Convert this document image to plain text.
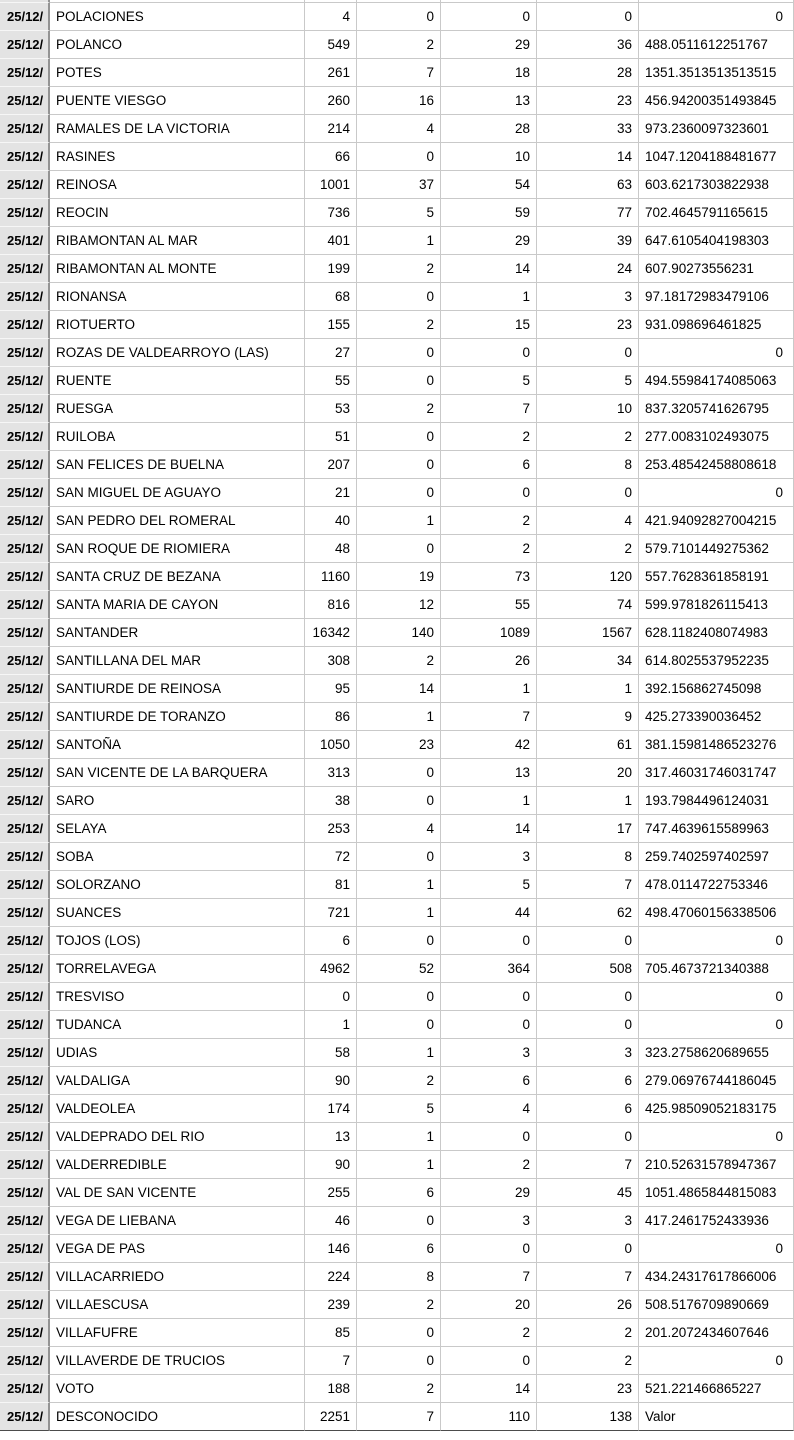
25/12/ POLACIONES	4	0	0	0	0
25/12/ POLANCO	549	2	29	36 488.0511612251767
25/12/ POTES	261	7	18	28 1351.3513513513515
25/12/ PUENTE VIESGO	260	16	13	23 456.94200351493845
25/12/ RAMALES DE LA VICTORIA	214	4	28	33 973.2360097323601
25/12/ RASINES	66	0	10	14 1047.1204188481677
25/12/ REINOSA	1001	37	54	63 603.6217303822938
25/12/ REOCIN	736	5	59	77 702.4645791165615
25/12/ RIBAMONTAN AL MAR	401	1	29	39 647.6105404198303
25/12/ RIBAMONTAN AL MONTE	199	2	14	24 607.90273556231
25/12/ RIONANSA	68	0	1	3 97.18172983479106
25/12/ RIOTUERTO	155	2	15	23 931.098696461825
25/12/ ROZAS DE VALDEARROYO (LAS)	27	0	0	0	0
25/12/ RUENTE	55	0	5	5 494.55984174085063
25/12/ RUESGA	53	2	7	10 837.3205741626795
25/12/ RUILOBA	51	0	2	2 277.0083102493075
25/12/ SAN FELICES DE BUELNA	207	0	6	8 253.48542458808618
25/12/ SAN MIGUEL DE AGUAYO	21	0	0	0	0
25/12/ SAN PEDRO DEL ROMERAL	40	1	2	4 421.94092827004215
25/12/ SAN ROQUE DE RIOMIERA	48	0	2	2 579.7101449275362
25/12/ SANTA CRUZ DE BEZANA	1160	19	73	120 557.7628361858191
25/12/ SANTA MARIA DE CAYON	816	12	55	74 599.9781826115413
25/12/ SANTANDER	16342	140	1089	1567 628.1182408074983
25/12/ SANTILLANA DEL MAR	308	2	26	34 614.8025537952235
25/12/ SANTIURDE DE REINOSA	95	14	1	1 392.156862745098
25/12/ SANTIURDE DE TORANZO	86	1	7	9 425.273390036452
25/12/ SANTOÑA	1050	23	42	61 381.15981486523276
25/12/ SAN VICENTE DE LA BARQUERA	313	0	13	20 317.46031746031747
25/12/ SARO	38	0	1	1 193.7984496124031
25/12/ SELAYA	253	4	14	17 747.4639615589963
25/12/ SOBA	72	0	3	8 259.7402597402597
25/12/ SOLORZANO	81	1	5	7 478.0114722753346
25/12/ SUANCES	721	1	44	62 498.47060156338506
25/12/ TOJOS (LOS)	6	0	0	0	0
25/12/ TORRELAVEGA	4962	52	364	508 705.4673721340388
25/12/ TRESVISO	0	0	0	0	0
25/12/ TUDANCA	1	0	0	0	0
25/12/ UDIAS	58	1	3	3 323.2758620689655
25/12/ VALDALIGA	90	2	6	6 279.06976744186045
25/12/ VALDEOLEA	174	5	4	6 425.98509052183175
25/12/ VALDEPRADO DEL RIO	13	1	0	0	0
25/12/ VALDERREDIBLE	90	1	2	7 210.52631578947367
25/12/ VAL DE SAN VICENTE	255	6	29	45 1051.4865844815083
25/12/ VEGA DE LIEBANA	46	0	3	3 417.2461752433936
25/12/ VEGA DE PAS	146	6	0	0	0
25/12/ VILLACARRIEDO	224	8	7	7 434.24317617866006
25/12/ VILLAESCUSA	239	2	20	26 508.5176709890669
25/12/ VILLAFUFRE	85	0	2	2 201.2072434607646
25/12/ VILLAVERDE DE TRUCIOS	7	0	0	2	0
25/12/ VOTO	188	2	14	23 521.221466865227
25/12/ DESCONOCIDO	2251	7	110	138 Valor
